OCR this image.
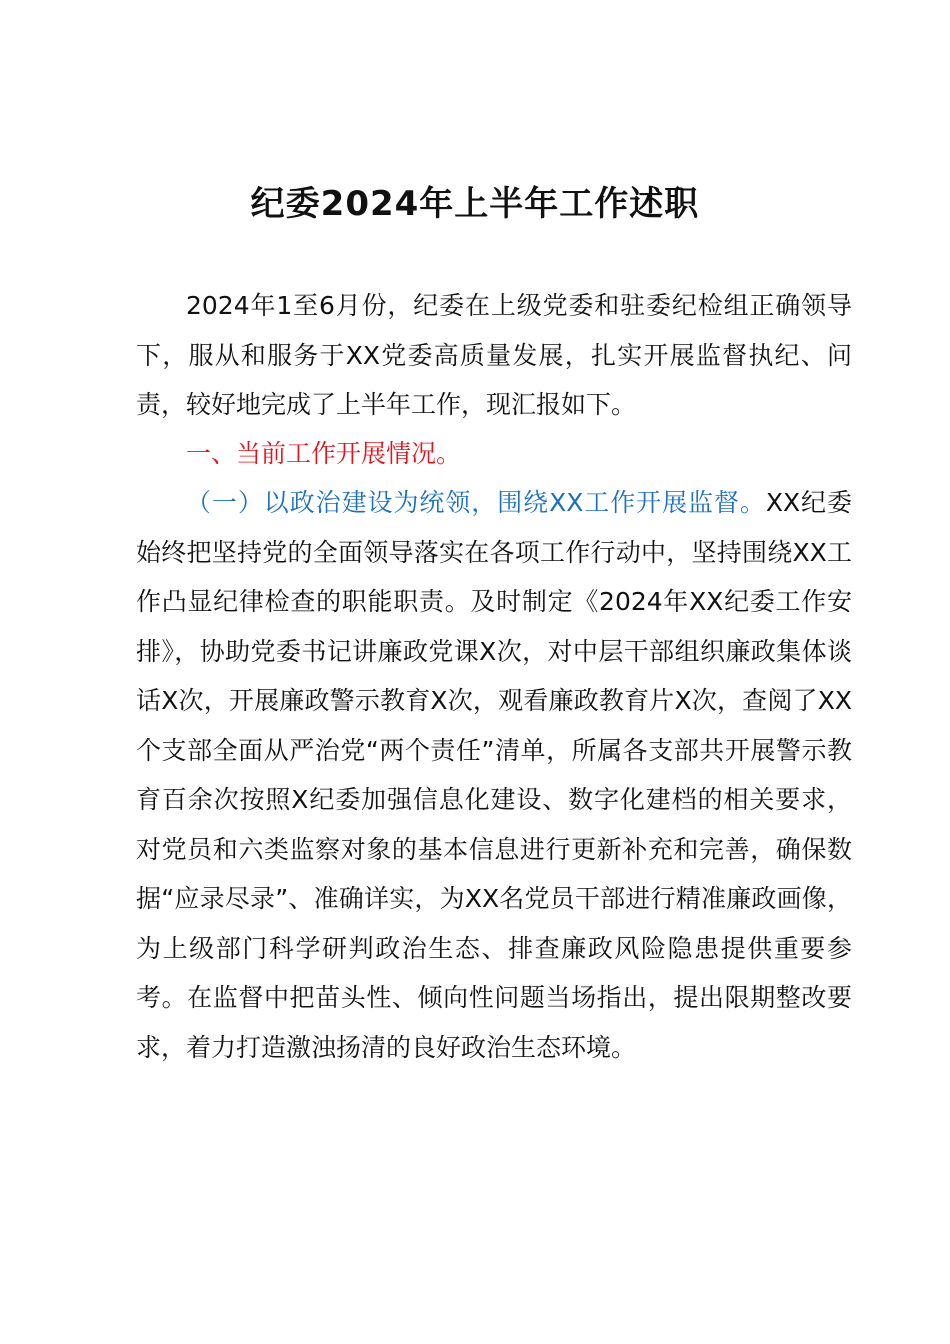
纪委2024年上半年工作述职
2024年1至6月份，纪委在上级党委和驻委纪检组正确领导下，服从和服务于XX党委高质量发展，扎实开展监督执纪、问责，较好地完成了上半年工作，现汇报如下。
一、当前工作开展情况。
（一）以政治建设为统领，围绕XX工作开展监督。XX纪委始终把坚持党的全面领导落实在各项工作行动中，坚持围绕XX工作凸显纪律检查的职能职责。及时制定《2024年XX纪委工作安排》，协助党委书记讲廉政党课X次，对中层干部组织廉政集体谈话X次，开展廉政警示教育X次，观看廉政教育片X次，查阅了XX个支部全面从严治党“两个责任”清单，所属各支部共开展警示教育百余次按照X纪委加强信息化建设、数字化建档的相关要求，对党员和六类监察对象的基本信息进行更新补充和完善，确保数据“应录尽录”、准确详实，为XX名党员干部进行精准廉政画像，为上级部门科学研判政治生态、排查廉政风险隐患提供重要参考。在监督中把苗头性、倾向性问题当场指出，提出限期整改要求，着力打造激浊扬清的良好政治生态环境。
